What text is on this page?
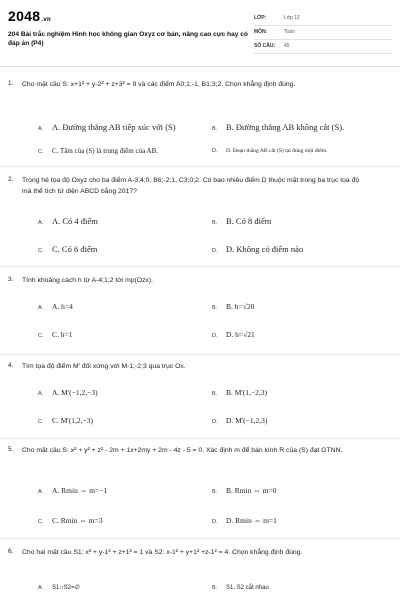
2048.vn
204 Bài trắc nghiệm Hình học không gian Oxyz cơ bản, nâng cao cực hay có đáp án (P4)
LỚP:	Lớp 12
MÔN:	Toán
SỐ CÂU: 45
1. Cho mặt cầu S: x+1² + y-2² + z+3² = 9 và các điểm A0;1;-1, B1;3;2. Chọn khẳng định đúng.
A. A. Đường thẳng AB tiếp xúc với (S)	B. B. Đường thẳng AB không cắt (S).
C. C. Tâm của (S) là trung điểm của AB.	D. D. Đoạn thẳng AB cắt (S) tại đúng một điểm.
2. Trong hệ tọa độ Oxyz cho ba điểm A-3;4;0, B6;-2;1, C3;0;2. Có bao nhiêu điểm D thuộc mặt trong ba trục tọa độ mà thể tích tứ diện ABCD bằng 2017?
A. A. Có 4 điểm	B. B. Có 8 điểm
C. C. Có 6 điểm	D. D. Không có điểm nào
3. Tính khoảng cách h từ A-4;1;2 tới mp(Ozx).
A. A. h=4	B. B. h=√20
C. C. h=1	D. D. h=√21
4. Tìm tọa độ điểm M' đối xứng với M-1;-2;3 qua trục Ox.
A. A. M'(−1,2,−3)	B. B. M'(1,−2,3)
C. C. M'(1,2,−3)	D. D. M'(−1,2,3)
5. Cho mặt cầu S: x² + y² + z² - 2m + 1x+2my + 2m - 4z - 5 = 0. Xác định m để bán kính R của (S) đạt GTNN.
A. A. Rmin ⇔ m=−1	B. B. Rmin ⇔ m=0
C. C. Rmin ⇔ m=3	D. D. Rmin ⇔ m=1
6. Cho hai mặt cầu S1: x² + y-1² + z+1² = 1 và S2: x-1² + y+1² +z-1² = 4. Chọn khẳng định đúng.
A. S1∩S2=∅	B. S1, S2 cắt nhau
